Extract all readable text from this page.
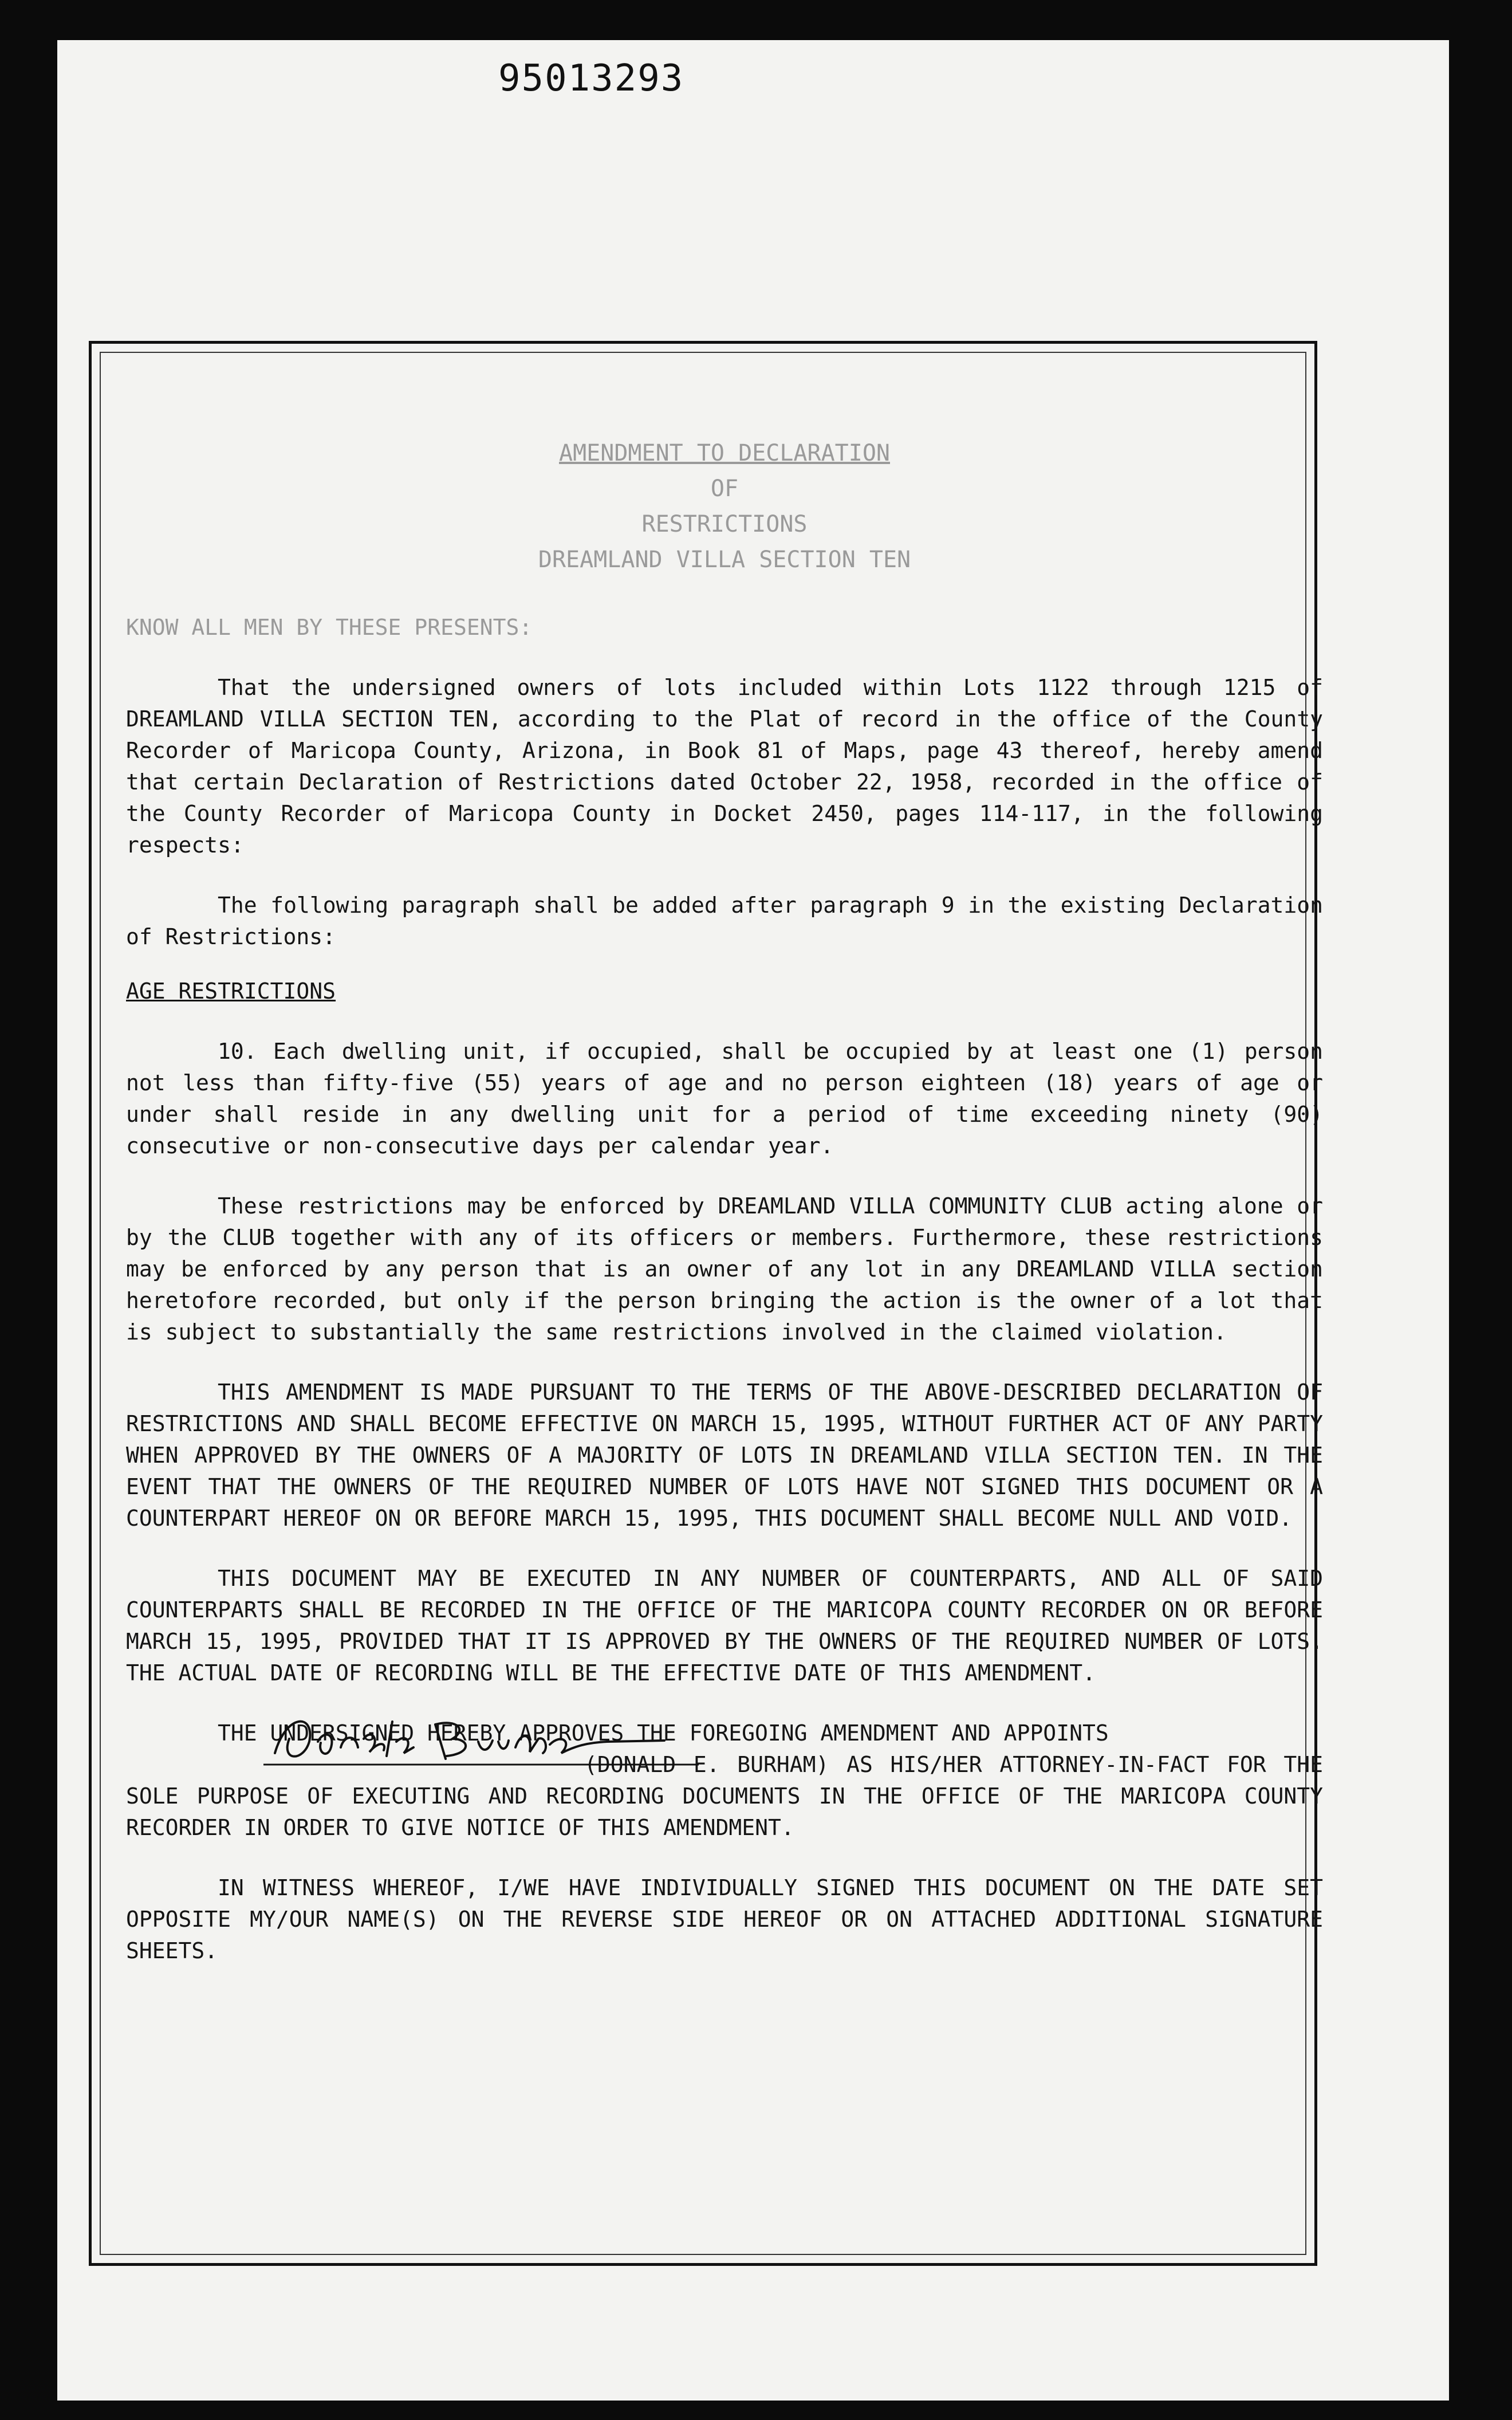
95013293
AMENDMENT TO DECLARATION
OF
RESTRICTIONS
DREAMLAND VILLA SECTION TEN

KNOW ALL MEN BY THESE PRESENTS:

That the undersigned owners of lots included within Lots 1122 through 1215 of DREAMLAND VILLA SECTION TEN, according to the Plat of record in the office of the County Recorder of Maricopa County, Arizona, in Book 81 of Maps, page 43 thereof, hereby amend that certain Declaration of Restrictions dated October 22, 1958, recorded in the office of the County Recorder of Maricopa County in Docket 2450, pages 114-117, in the following respects:

The following paragraph shall be added after paragraph 9 in the existing Declaration of Restrictions:

AGE RESTRICTIONS

10. Each dwelling unit, if occupied, shall be occupied by at least one (1) person not less than fifty-five (55) years of age and no person eighteen (18) years of age or under shall reside in any dwelling unit for a period of time exceeding ninety (90) consecutive or non-consecutive days per calendar year.

These restrictions may be enforced by DREAMLAND VILLA COMMUNITY CLUB acting alone or by the CLUB together with any of its officers or members. Furthermore, these restrictions may be enforced by any person that is an owner of any lot in any DREAMLAND VILLA section heretofore recorded, but only if the person bringing the action is the owner of a lot that is subject to substantially the same restrictions involved in the claimed violation.

THIS AMENDMENT IS MADE PURSUANT TO THE TERMS OF THE ABOVE-DESCRIBED DECLARATION OF RESTRICTIONS AND SHALL BECOME EFFECTIVE ON MARCH 15, 1995, WITHOUT FURTHER ACT OF ANY PARTY WHEN APPROVED BY THE OWNERS OF A MAJORITY OF LOTS IN DREAMLAND VILLA SECTION TEN. IN THE EVENT THAT THE OWNERS OF THE REQUIRED NUMBER OF LOTS HAVE NOT SIGNED THIS DOCUMENT OR A COUNTERPART HEREOF ON OR BEFORE MARCH 15, 1995, THIS DOCUMENT SHALL BECOME NULL AND VOID.

THIS DOCUMENT MAY BE EXECUTED IN ANY NUMBER OF COUNTERPARTS, AND ALL OF SAID COUNTERPARTS SHALL BE RECORDED IN THE OFFICE OF THE MARICOPA COUNTY RECORDER ON OR BEFORE MARCH 15, 1995, PROVIDED THAT IT IS APPROVED BY THE OWNERS OF THE REQUIRED NUMBER OF LOTS. THE ACTUAL DATE OF RECORDING WILL BE THE EFFECTIVE DATE OF THIS AMENDMENT.

THE UNDERSIGNED HEREBY APPROVES THE FOREGOING AMENDMENT AND APPOINTS

(DONALD E. BURHAM) AS HIS/HER ATTORNEY-IN-FACT FOR THE SOLE PURPOSE OF EXECUTING AND RECORDING DOCUMENTS IN THE OFFICE OF THE MARICOPA COUNTY RECORDER IN ORDER TO GIVE NOTICE OF THIS AMENDMENT.

IN WITNESS WHEREOF, I/WE HAVE INDIVIDUALLY SIGNED THIS DOCUMENT ON THE DATE SET OPPOSITE MY/OUR NAME(S) ON THE REVERSE SIDE HEREOF OR ON ATTACHED ADDITIONAL SIGNATURE SHEETS.
